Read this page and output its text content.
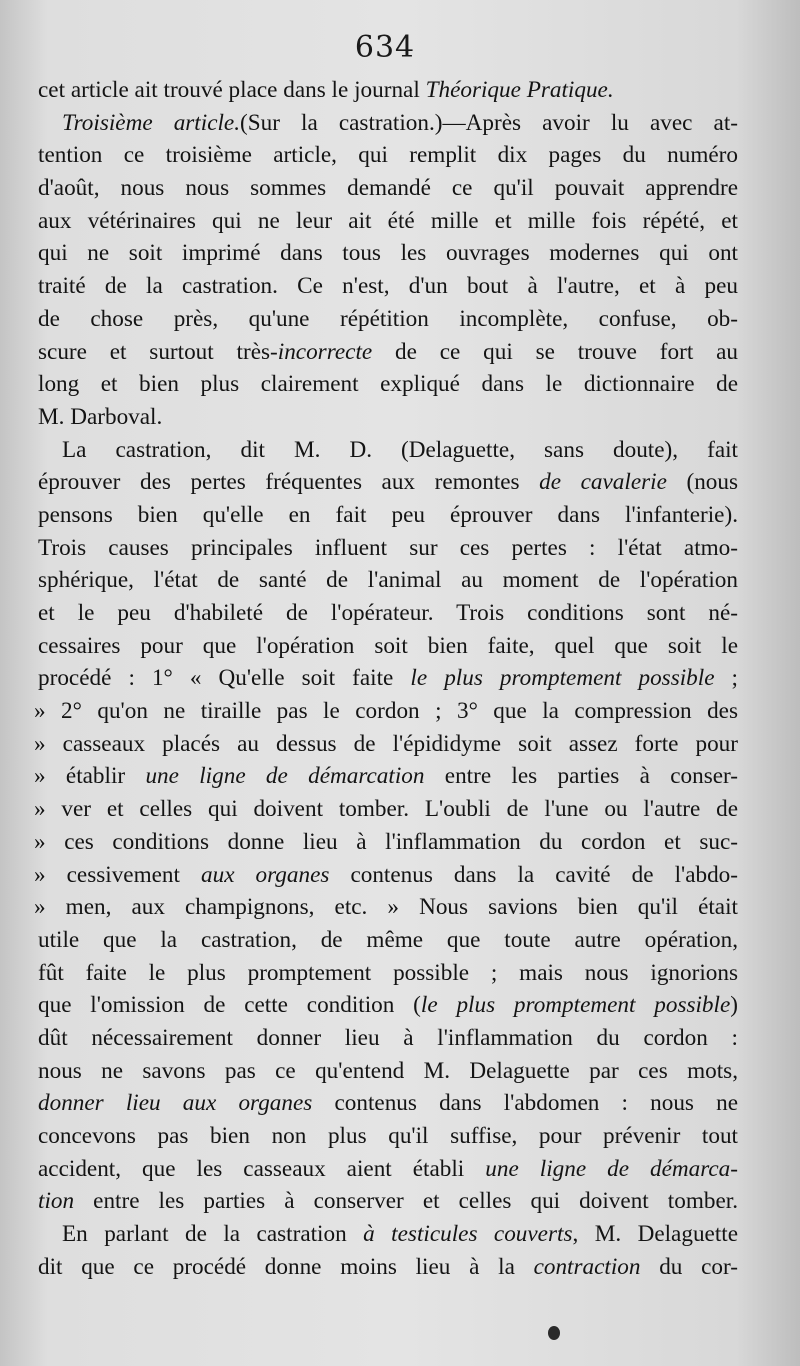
634
cet article ait trouvé place dans le journal Théorique Pratique.
Troisième article.(Sur la castration.)—Après avoir lu avec at-
tention ce troisième article, qui remplit dix pages du numéro
d'août, nous nous sommes demandé ce qu'il pouvait apprendre
aux vétérinaires qui ne leur ait été mille et mille fois répété, et
qui ne soit imprimé dans tous les ouvrages modernes qui ont
traité de la castration. Ce n'est, d'un bout à l'autre, et à peu
de chose près, qu'une répétition incomplète, confuse, ob-
scure et surtout très-incorrecte de ce qui se trouve fort au
long et bien plus clairement expliqué dans le dictionnaire de
M. Darboval.
La castration, dit M. D. (Delaguette, sans doute), fait
éprouver des pertes fréquentes aux remontes de cavalerie (nous
pensons bien qu'elle en fait peu éprouver dans l'infanterie).
Trois causes principales influent sur ces pertes : l'état atmo-
sphérique, l'état de santé de l'animal au moment de l'opération
et le peu d'habileté de l'opérateur. Trois conditions sont né-
cessaires pour que l'opération soit bien faite, quel que soit le
procédé : 1° « Qu'elle soit faite le plus promptement possible ;
» 2° qu'on ne tiraille pas le cordon ; 3° que la compression des
» casseaux placés au dessus de l'épididyme soit assez forte pour
» établir une ligne de démarcation entre les parties à conser-
» ver et celles qui doivent tomber. L'oubli de l'une ou l'autre de
» ces conditions donne lieu à l'inflammation du cordon et suc-
» cessivement aux organes contenus dans la cavité de l'abdo-
» men, aux champignons, etc. » Nous savions bien qu'il était
utile que la castration, de même que toute autre opération,
fût faite le plus promptement possible ; mais nous ignorions
que l'omission de cette condition (le plus promptement possible)
dût nécessairement donner lieu à l'inflammation du cordon :
nous ne savons pas ce qu'entend M. Delaguette par ces mots,
donner lieu aux organes contenus dans l'abdomen : nous ne
concevons pas bien non plus qu'il suffise, pour prévenir tout
accident, que les casseaux aient établi une ligne de démarca-
tion entre les parties à conserver et celles qui doivent tomber.
En parlant de la castration à testicules couverts, M. Delaguette
dit que ce procédé donne moins lieu à la contraction du cor-
